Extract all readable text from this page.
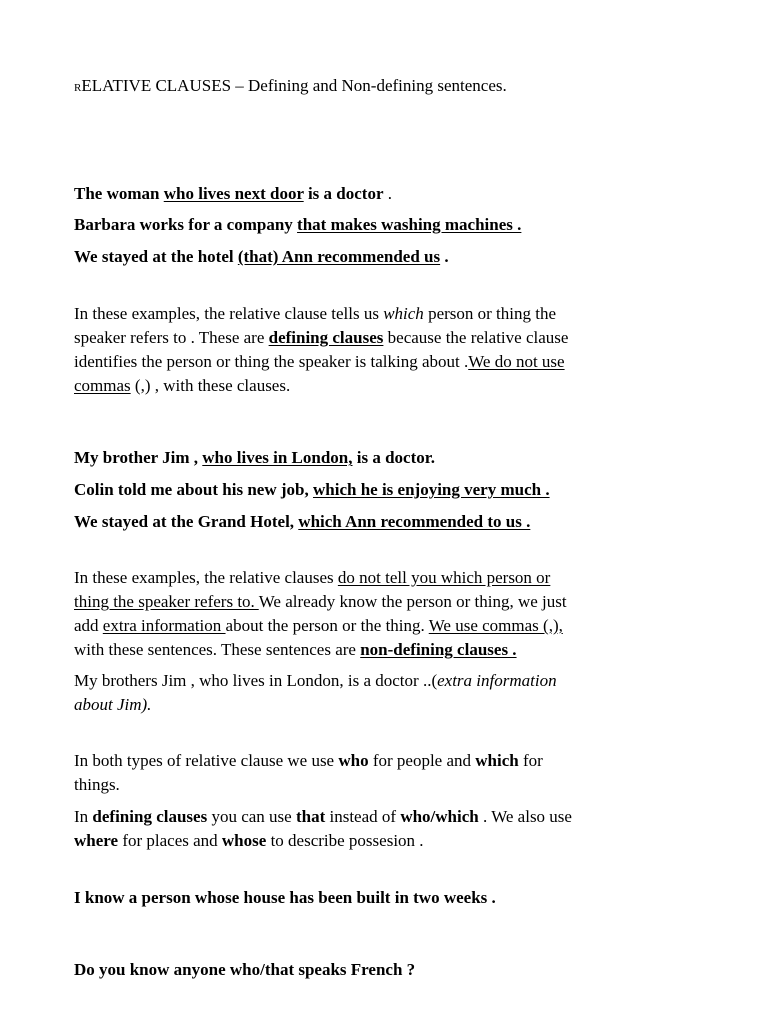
RELATIVE CLAUSES – Defining and Non-defining sentences.
The woman who lives next door is a doctor .
Barbara works for a company that makes washing machines .
We stayed at the hotel (that) Ann recommended us .
In these examples, the relative clause tells us which person or thing the
speaker refers to . These are defining clauses because the relative clause
identifies the person or thing the speaker is talking about .We do not use
commas (,) , with these clauses.
My brother Jim , who lives in London, is a doctor.
Colin told me about his new job, which he is enjoying very much .
We stayed at the Grand Hotel, which Ann recommended to us .
In these examples, the relative clauses do not tell you which person or
thing the speaker refers to. We already know the person or thing, we just
add extra information about the person or the thing. We use commas (,),
with these sentences. These sentences are non-defining clauses .
My brothers Jim , who lives in London, is a doctor ..(extra information
about Jim).
In both types of relative clause we use who for people and which for
things.
In defining clauses you can use that instead of who/which . We also use
where for places and whose to describe possesion .
I know a person whose house has been built in two weeks .
Do you know anyone who/that speaks French ?
